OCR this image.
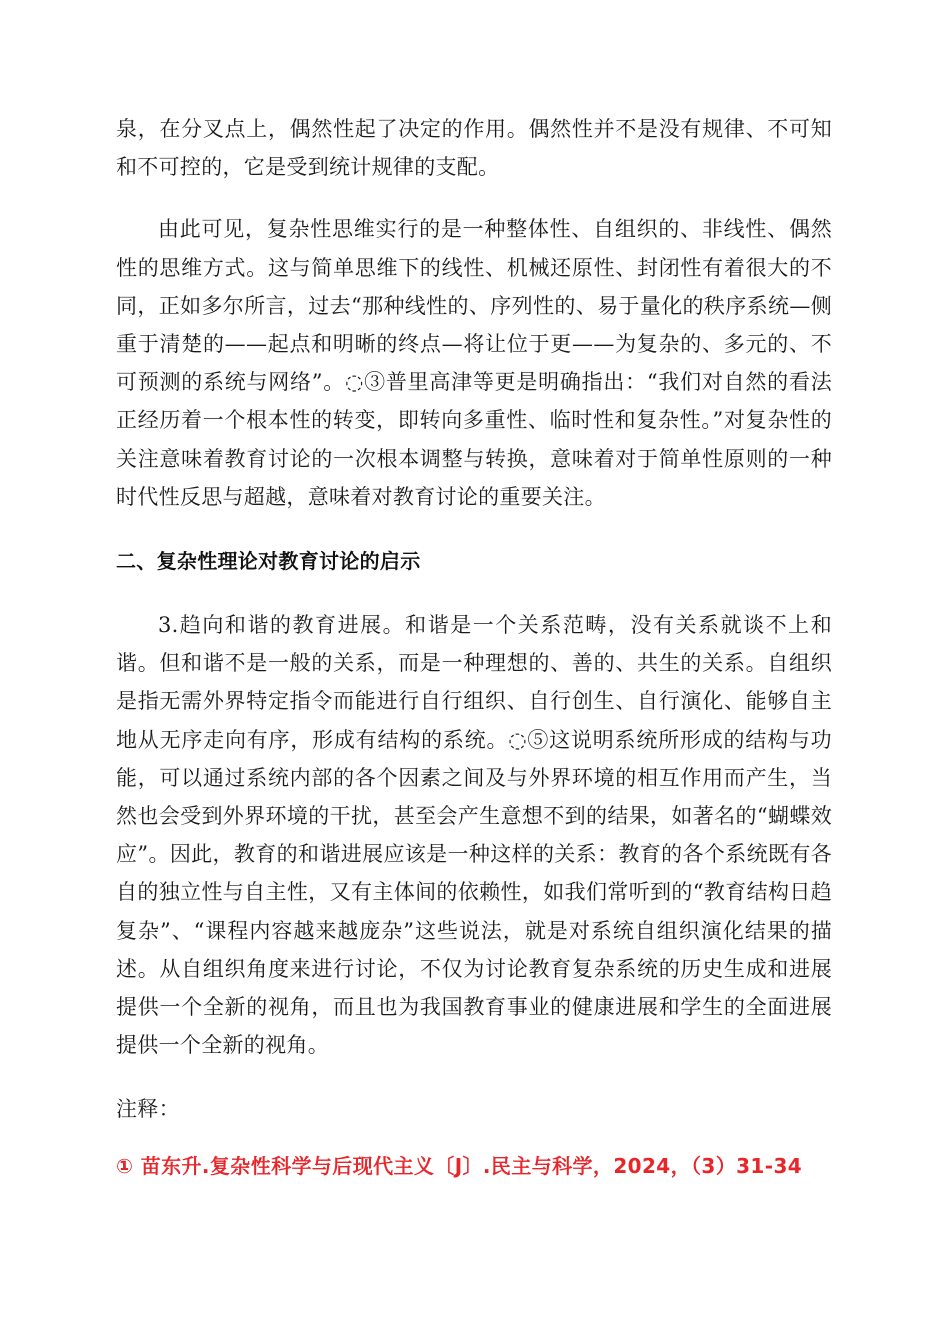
泉，在分叉点上，偶然性起了决定的作用。偶然性并不是没有规律、不可知和不可控的，它是受到统计规律的支配。

由此可见，复杂性思维实行的是一种整体性、自组织的、非线性、偶然性的思维方式。这与简单思维下的线性、机械还原性、封闭性有着很大的不同，正如多尔所言，过去“那种线性的、序列性的、易于量化的秩序系统—侧重于清楚的——起点和明晰的终点—将让位于更——为复杂的、多元的、不可预测的系统与网络”。◌③普里高津等更是明确指出：“我们对自然的看法正经历着一个根本性的转变，即转向多重性、临时性和复杂性。”对复杂性的关注意味着教育讨论的一次根本调整与转换，意味着对于简单性原则的一种时代性反思与超越，意味着对教育讨论的重要关注。

二、复杂性理论对教育讨论的启示

3.趋向和谐的教育进展。和谐是一个关系范畴，没有关系就谈不上和谐。但和谐不是一般的关系，而是一种理想的、善的、共生的关系。自组织是指无需外界特定指令而能进行自行组织、自行创生、自行演化、能够自主地从无序走向有序，形成有结构的系统。◌⑤这说明系统所形成的结构与功能，可以通过系统内部的各个因素之间及与外界环境的相互作用而产生，当然也会受到外界环境的干扰，甚至会产生意想不到的结果，如著名的“蝴蝶效应”。因此，教育的和谐进展应该是一种这样的关系：教育的各个系统既有各自的独立性与自主性，又有主体间的依赖性，如我们常听到的“教育结构日趋复杂”、“课程内容越来越庞杂”这些说法，就是对系统自组织演化结果的描述。从自组织角度来进行讨论，不仅为讨论教育复杂系统的历史生成和进展提供一个全新的视角，而且也为我国教育事业的健康进展和学生的全面进展提供一个全新的视角。

注释：

① 苗东升.复杂性科学与后现代主义〔J〕.民主与科学，2024，（3）31-34
